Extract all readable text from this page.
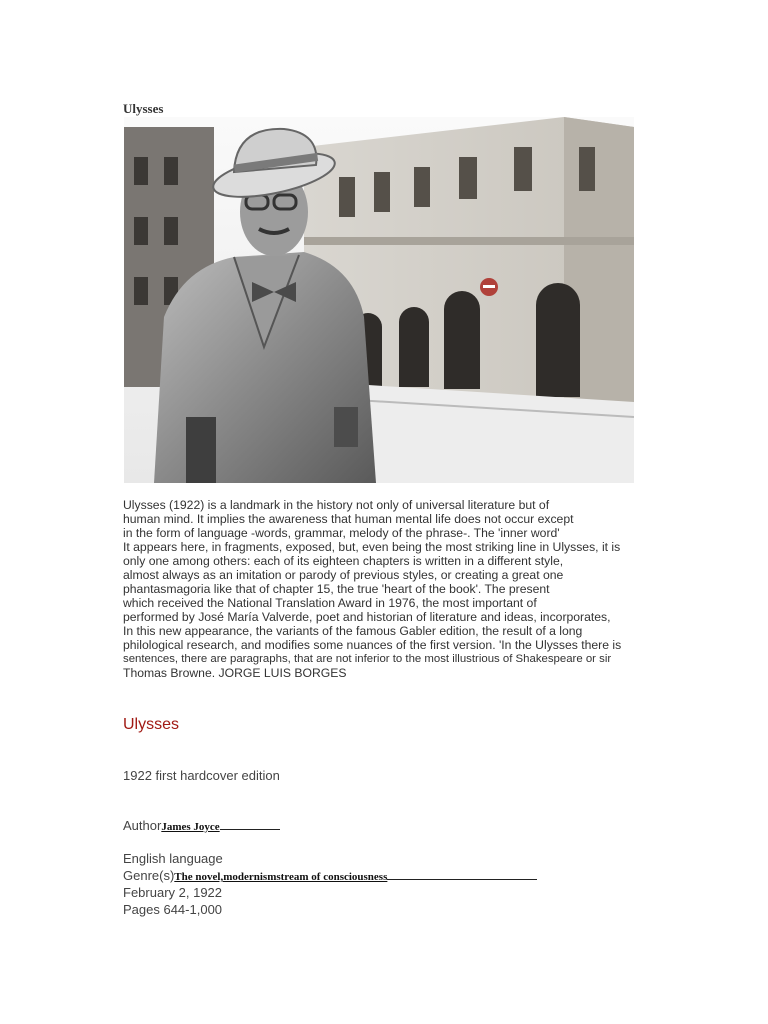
Ulysses
Ulysses (1922) is a landmark in the history not only of universal literature but of
human mind. It implies the awareness that human mental life does not occur except
in the form of language -words, grammar, melody of the phrase-. The 'inner word'
It appears here, in fragments, exposed, but, even being the most striking line in Ulysses, it is
only one among others: each of its eighteen chapters is written in a different style,
almost always as an imitation or parody of previous styles, or creating a great one
phantasmagoria like that of chapter 15, the true 'heart of the book'. The present
which received the National Translation Award in 1976, the most important of
performed by José María Valverde, poet and historian of literature and ideas, incorporates,
In this new appearance, the variants of the famous Gabler edition, the result of a long
philological research, and modifies some nuances of the first version. 'In the Ulysses there is
sentences, there are paragraphs, that are not inferior to the most illustrious of Shakespeare or sir
Thomas Browne. JORGE LUIS BORGES
Ulysses
1922 first hardcover edition
AuthorJames Joyce
English language
Genre(s)The novel,modernismstream of consciousness
February 2, 1922
Pages 644-1,000
